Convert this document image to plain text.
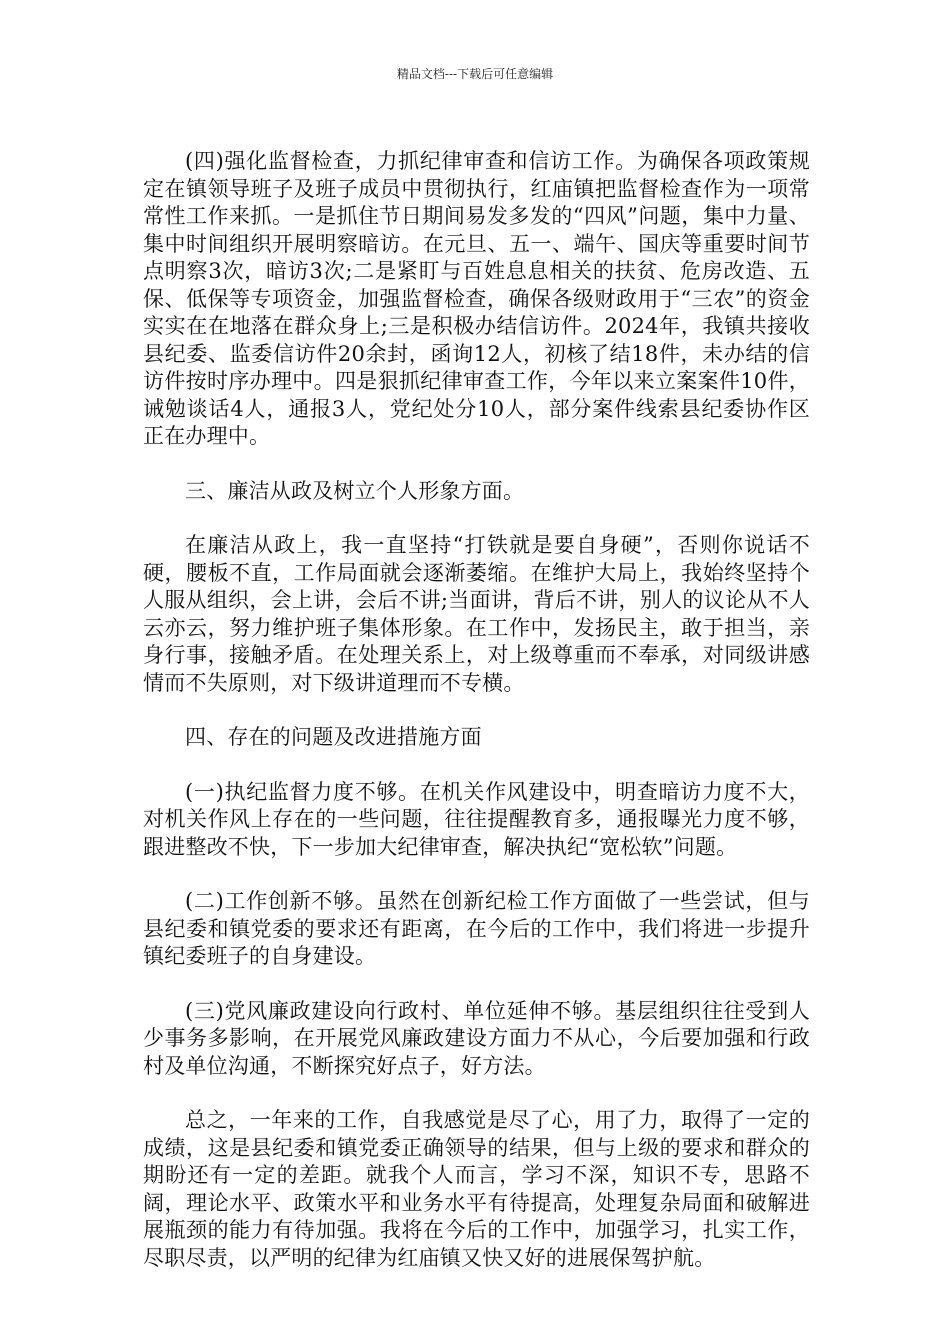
精品文档---下载后可任意编辑

(四)强化监督检查，力抓纪律审查和信访工作。为确保各项政策规定在镇领导班子及班子成员中贯彻执行，红庙镇把监督检查作为一项常常性工作来抓。一是抓住节日期间易发多发的“四风”问题，集中力量、集中时间组织开展明察暗访。在元旦、五一、端午、国庆等重要时间节点明察3次，暗访3次;二是紧盯与百姓息息相关的扶贫、危房改造、五保、低保等专项资金，加强监督检查，确保各级财政用于“三农”的资金实实在在地落在群众身上;三是积极办结信访件。2024年，我镇共接收县纪委、监委信访件20余封，函询12人，初核了结18件，未办结的信访件按时序办理中。四是狠抓纪律审查工作，今年以来立案案件10件，诫勉谈话4人，通报3人，党纪处分10人，部分案件线索县纪委协作区正在办理中。

三、廉洁从政及树立个人形象方面。

在廉洁从政上，我一直坚持“打铁就是要自身硬”，否则你说话不硬，腰板不直，工作局面就会逐渐萎缩。在维护大局上，我始终坚持个人服从组织，会上讲，会后不讲;当面讲，背后不讲，别人的议论从不人云亦云，努力维护班子集体形象。在工作中，发扬民主，敢于担当，亲身行事，接触矛盾。在处理关系上，对上级尊重而不奉承，对同级讲感情而不失原则，对下级讲道理而不专横。

四、存在的问题及改进措施方面

(一)执纪监督力度不够。在机关作风建设中，明查暗访力度不大，对机关作风上存在的一些问题，往往提醒教育多，通报曝光力度不够，跟进整改不快，下一步加大纪律审查，解决执纪“宽松软”问题。

(二)工作创新不够。虽然在创新纪检工作方面做了一些尝试，但与县纪委和镇党委的要求还有距离，在今后的工作中，我们将进一步提升镇纪委班子的自身建设。

(三)党风廉政建设向行政村、单位延伸不够。基层组织往往受到人少事务多影响，在开展党风廉政建设方面力不从心，今后要加强和行政村及单位沟通，不断探究好点子，好方法。

总之，一年来的工作，自我感觉是尽了心，用了力，取得了一定的成绩，这是县纪委和镇党委正确领导的结果，但与上级的要求和群众的期盼还有一定的差距。就我个人而言，学习不深，知识不专，思路不阔，理论水平、政策水平和业务水平有待提高，处理复杂局面和破解进展瓶颈的能力有待加强。我将在今后的工作中，加强学习，扎实工作，尽职尽责，以严明的纪律为红庙镇又快又好的进展保驾护航。
